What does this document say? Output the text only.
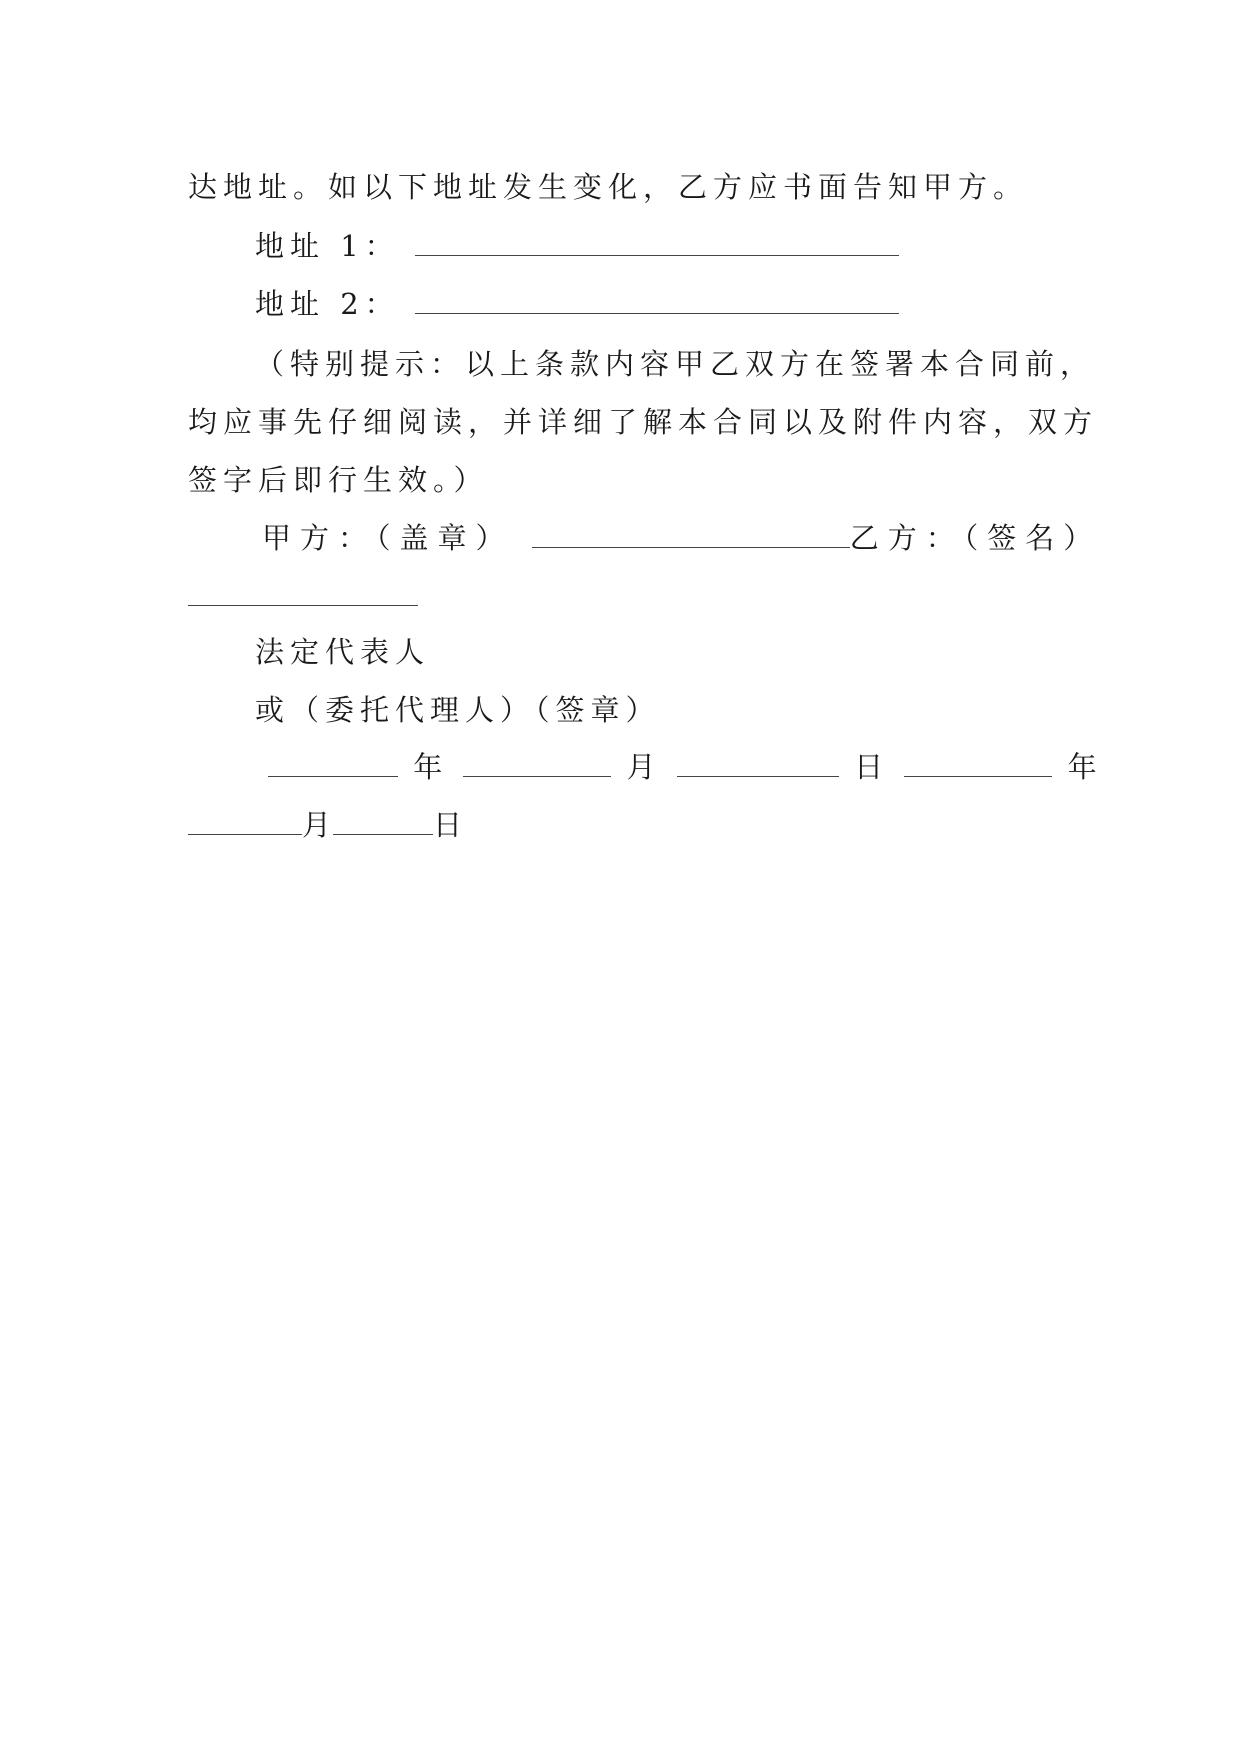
达地址。如以下地址发生变化，乙方应书面告知甲方。
地址 1：
地址 2：
（特别提示：以上条款内容甲乙双方在签署本合同前，
均应事先仔细阅读，并详细了解本合同以及附件内容，双方
签字后即行生效。）
甲方：（盖章）	乙方：（签名）
法定代表人
或（委托代理人）（签章）
年	月	日	年
月	日
